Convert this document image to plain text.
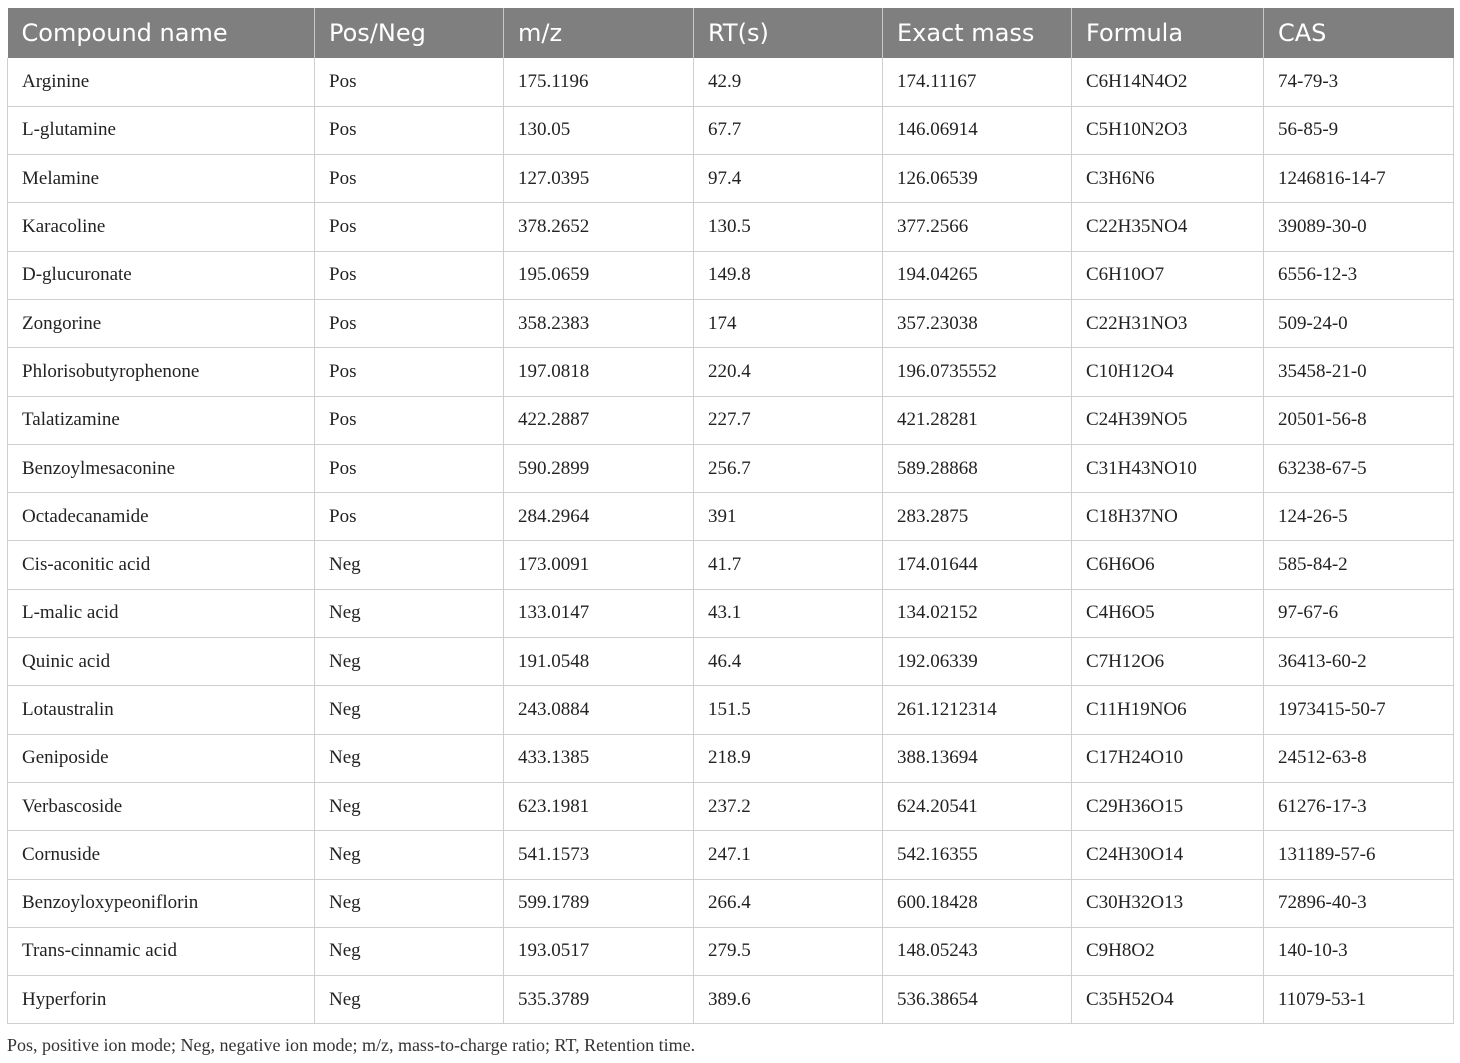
Compound name	Pos/Neg	m/z	RT(s)	Exact mass	Formula	CAS
Arginine	Pos	175.1196	42.9	174.11167	C6H14N4O2	74-79-3
L-glutamine	Pos	130.05	67.7	146.06914	C5H10N2O3	56-85-9
Melamine	Pos	127.0395	97.4	126.06539	C3H6N6	1246816-14-7
Karacoline	Pos	378.2652	130.5	377.2566	C22H35NO4	39089-30-0
D-glucuronate	Pos	195.0659	149.8	194.04265	C6H10O7	6556-12-3
Zongorine	Pos	358.2383	174	357.23038	C22H31NO3	509-24-0
Phlorisobutyrophenone	Pos	197.0818	220.4	196.0735552	C10H12O4	35458-21-0
Talatizamine	Pos	422.2887	227.7	421.28281	C24H39NO5	20501-56-8
Benzoylmesaconine	Pos	590.2899	256.7	589.28868	C31H43NO10	63238-67-5
Octadecanamide	Pos	284.2964	391	283.2875	C18H37NO	124-26-5
Cis-aconitic acid	Neg	173.0091	41.7	174.01644	C6H6O6	585-84-2
L-malic acid	Neg	133.0147	43.1	134.02152	C4H6O5	97-67-6
Quinic acid	Neg	191.0548	46.4	192.06339	C7H12O6	36413-60-2
Lotaustralin	Neg	243.0884	151.5	261.1212314	C11H19NO6	1973415-50-7
Geniposide	Neg	433.1385	218.9	388.13694	C17H24O10	24512-63-8
Verbascoside	Neg	623.1981	237.2	624.20541	C29H36O15	61276-17-3
Cornuside	Neg	541.1573	247.1	542.16355	C24H30O14	131189-57-6
Benzoyloxypeoniflorin	Neg	599.1789	266.4	600.18428	C30H32O13	72896-40-3
Trans-cinnamic acid	Neg	193.0517	279.5	148.05243	C9H8O2	140-10-3
Hyperforin	Neg	535.3789	389.6	536.38654	C35H52O4	11079-53-1
Pos, positive ion mode; Neg, negative ion mode; m/z, mass-to-charge ratio; RT, Retention time.
